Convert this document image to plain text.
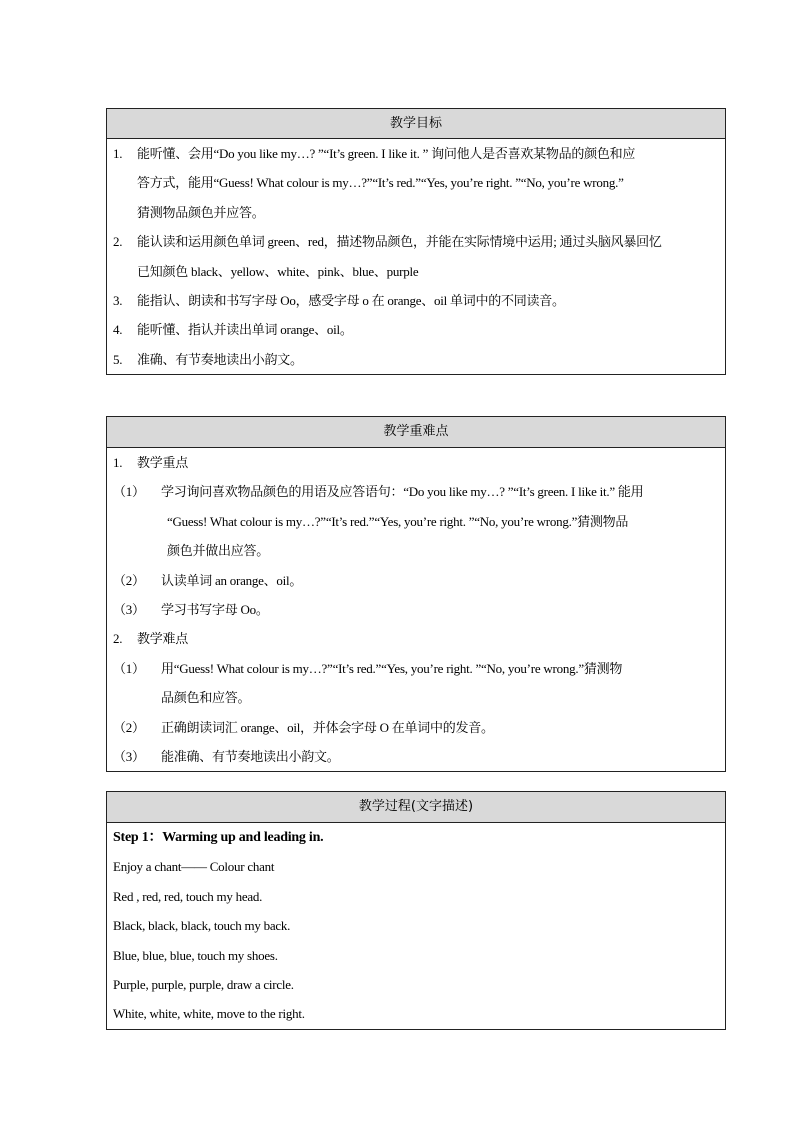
教学目标
1. 能听懂、会用“Do you like my…? ”“It’s green. I like it. ” 询问他人是否喜欢某物品的颜色和应
答方式，能用“Guess! What colour is my…?”“It’s red.”“Yes, you’re right. ”“No, you’re wrong.”
猜测物品颜色并应答。
2. 能认读和运用颜色单词 green、red，描述物品颜色，并能在实际情境中运用; 通过头脑风暴回忆
已知颜色 black、yellow、white、pink、blue、purple
3. 能指认、朗读和书写字母 Oo，感受字母 o 在 orange、oil 单词中的不同读音。
4. 能听懂、指认并读出单词 orange、oil。
5. 准确、有节奏地读出小韵文。
教学重难点
1. 教学重点
（1） 学习询问喜欢物品颜色的用语及应答语句：“Do you like my…? ”“It’s green. I like it.” 能用
“Guess! What colour is my…?”“It’s red.”“Yes, you’re right. ”“No, you’re wrong.”猜测物品
颜色并做出应答。
（2） 认读单词 an orange、oil。
（3） 学习书写字母 Oo。
2. 教学难点
（1） 用“Guess! What colour is my…?”“It’s red.”“Yes, you’re right. ”“No, you’re wrong.”猜测物
品颜色和应答。
（2） 正确朗读词汇 orange、oil，并体会字母 O 在单词中的发音。
（3） 能准确、有节奏地读出小韵文。
教学过程(文字描述)
Step 1：Warming up and leading in.
Enjoy a chant—— Colour chant
Red , red, red, touch my head.
Black, black, black, touch my back.
Blue, blue, blue, touch my shoes.
Purple, purple, purple, draw a circle.
White, white, white, move to the right.
